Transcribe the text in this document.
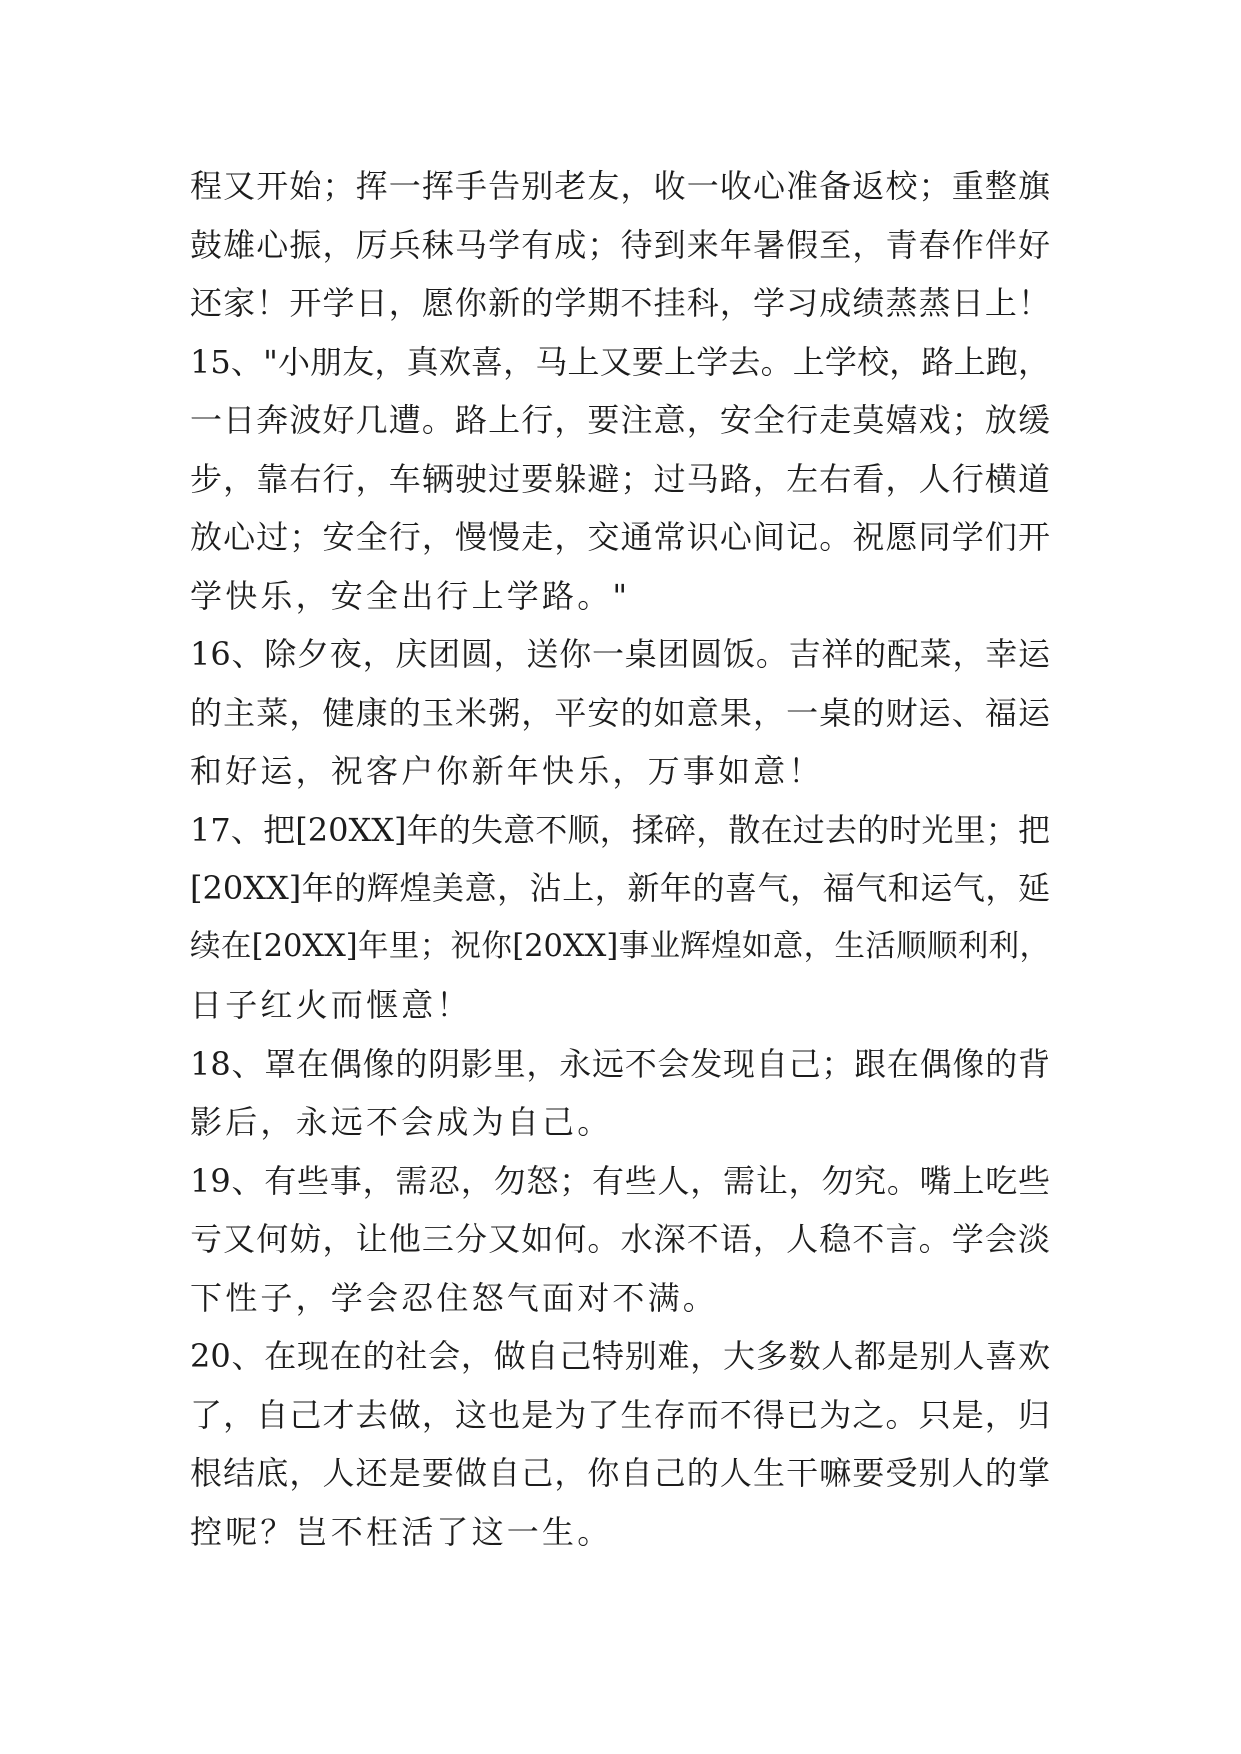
程又开始；挥一挥手告别老友，收一收心准备返校；重整旗
鼓雄心振，厉兵秣马学有成；待到来年暑假至，青春作伴好
还家！开学日，愿你新的学期不挂科，学习成绩蒸蒸日上！
15、"小朋友，真欢喜，马上又要上学去。上学校，路上跑，
一日奔波好几遭。路上行，要注意，安全行走莫嬉戏；放缓
步，靠右行，车辆驶过要躲避；过马路，左右看，人行横道
放心过；安全行，慢慢走，交通常识心间记。祝愿同学们开
学快乐，安全出行上学路。"
16、除夕夜，庆团圆，送你一桌团圆饭。吉祥的配菜，幸运
的主菜，健康的玉米粥，平安的如意果，一桌的财运、福运
和好运，祝客户你新年快乐，万事如意！
17、把[20XX]年的失意不顺，揉碎，散在过去的时光里；把
[20XX]年的辉煌美意，沾上，新年的喜气，福气和运气，延
续在[20XX]年里；祝你[20XX]事业辉煌如意，生活顺顺利利，
日子红火而惬意！
18、罩在偶像的阴影里，永远不会发现自己；跟在偶像的背
影后，永远不会成为自己。
19、有些事，需忍，勿怒；有些人，需让，勿究。嘴上吃些
亏又何妨，让他三分又如何。水深不语，人稳不言。学会淡
下性子，学会忍住怒气面对不满。
20、在现在的社会，做自己特别难，大多数人都是别人喜欢
了，自己才去做，这也是为了生存而不得已为之。只是，归
根结底，人还是要做自己，你自己的人生干嘛要受别人的掌
控呢？岂不枉活了这一生。
